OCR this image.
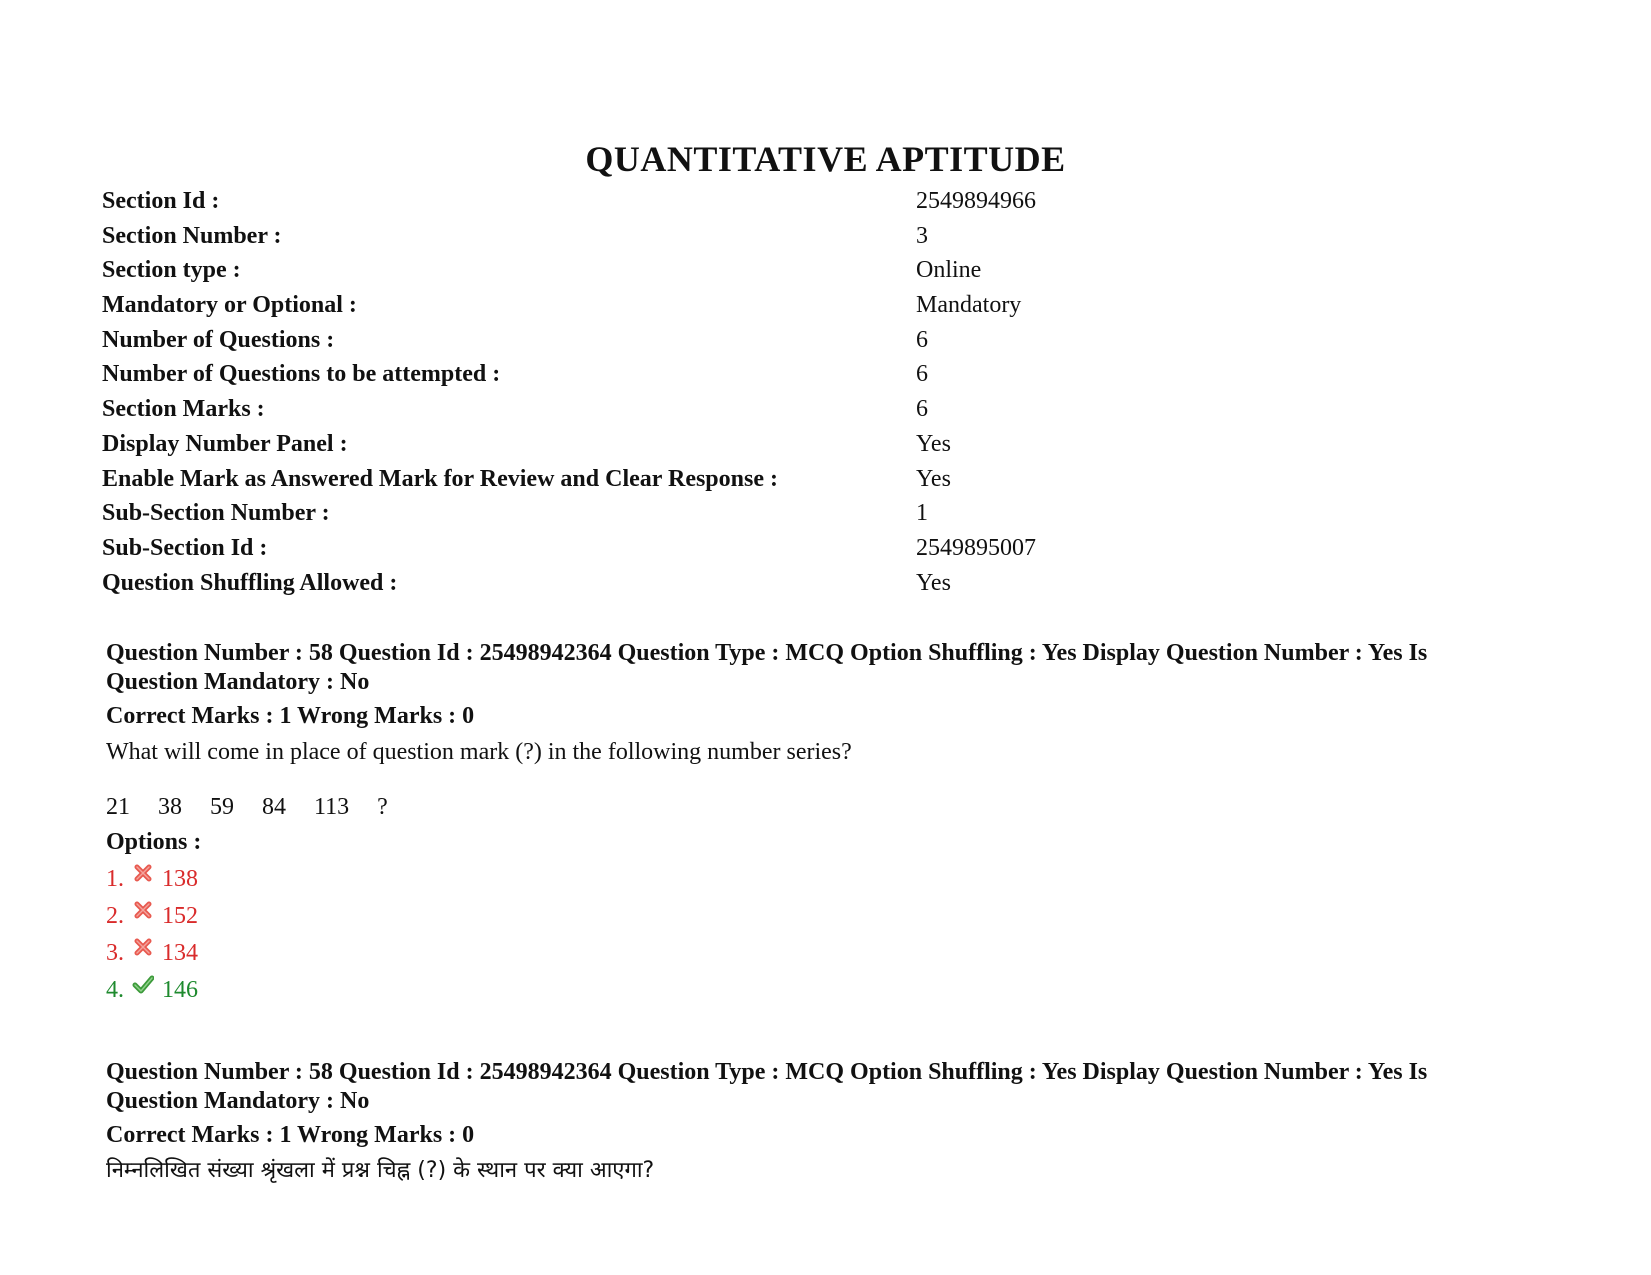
QUANTITATIVE APTITUDE
Section Id :	2549894966
Section Number :	3
Section type :	Online
Mandatory or Optional :	Mandatory
Number of Questions :	6
Number of Questions to be attempted :	6
Section Marks :	6
Display Number Panel :	Yes
Enable Mark as Answered Mark for Review and Clear Response :	Yes
Sub-Section Number :	1
Sub-Section Id :	2549895007
Question Shuffling Allowed :	Yes
Question Number : 58 Question Id : 25498942364 Question Type : MCQ Option Shuffling : Yes Display Question Number : Yes Is
Question Mandatory : No
Correct Marks : 1 Wrong Marks : 0
What will come in place of question mark (?) in the following number series?
21 38 59 84 113 ?
Options :
1.	138
2.	152
3.	134
4.	146
Question Number : 58 Question Id : 25498942364 Question Type : MCQ Option Shuffling : Yes Display Question Number : Yes Is
Question Mandatory : No
Correct Marks : 1 Wrong Marks : 0
निम्नलिखित संख्या श्रृंखला में प्रश्न चिह्न (?) के स्थान पर क्या आएगा?
